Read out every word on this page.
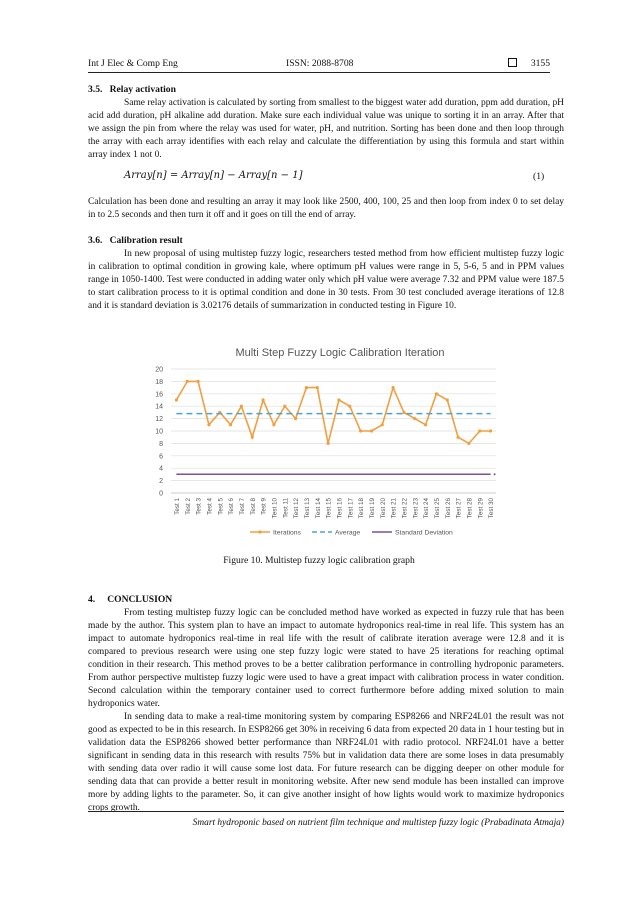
Int J Elec & Comp Eng	ISSN: 2088-8708	3155
3.5.   Relay activation

Same relay activation is calculated by sorting from smallest to the biggest water add duration, ppm add duration, pH acid add duration, pH alkaline add duration. Make sure each individual value was unique to sorting it in an array. After that we assign the pin from where the relay was used for water, pH, and nutrition. Sorting has been done and then loop through the array with each array identifies with each relay and calculate the differentiation by using this formula and start within array index 1 not 0.

Array[n] = Array[n] − Array[n − 1]	(1)

Calculation has been done and resulting an array it may look like 2500, 400, 100, 25 and then loop from index 0 to set delay in to 2.5 seconds and then turn it off and it goes on till the end of array.

3.6.   Calibration result

In new proposal of using multistep fuzzy logic, researchers tested method from how efficient multistep fuzzy logic in calibration to optimal condition in growing kale, where optimum pH values were range in 5, 5-6, 5 and in PPM values range in 1050-1400. Test were conducted in adding water only which pH value were average 7.32 and PPM value were 187.5 to start calibration process to it is optimal condition and done in 30 tests. From 30 test concluded average iterations of 12.8 and it is standard deviation is 3.02176 details of summarization in conducted testing in Figure 10.

Multi Step Fuzzy Logic Calibration Iteration
0
2
4
6
8
10
12
14
16
18
20
Test 1 Test 2 Test 3 Test 4 Test 5 Test 6 Test 7 Test 8 Test 9 Test 10 Test 11 Test 12 Test 13 Test 14 Test 15 Test 16 Test 17 Test 18 Test 19 Test 20 Test 21 Test 22 Test 23 Test 24 Test 25 Test 26 Test 27 Test 28 Test 29 Test 30
Iterations	Average	Standard Deviation
Figure 10. Multistep fuzzy logic calibration graph
4.     CONCLUSION

From testing multistep fuzzy logic can be concluded method have worked as expected in fuzzy rule that has been made by the author. This system plan to have an impact to automate hydroponics real-time in real life. This system has an impact to automate hydroponics real-time in real life with the result of calibrate iteration average were 12.8 and it is compared to previous research were using one step fuzzy logic were stated to have 25 iterations for reaching optimal condition in their research. This method proves to be a better calibration performance in controlling hydroponic parameters. From author perspective multistep fuzzy logic were used to have a great impact with calibration process in water condition. Second calculation within the temporary container used to correct furthermore before adding mixed solution to main hydroponics water.

In sending data to make a real-time monitoring system by comparing ESP8266 and NRF24L01 the result was not good as expected to be in this research. In ESP8266 get 30% in receiving 6 data from expected 20 data in 1 hour testing but in validation data the ESP8266 showed better performance than NRF24L01 with radio protocol. NRF24L01 have a better significant in sending data in this research with results 75% but in validation data there are some loses in data presumably with sending data over radio it will cause some lost data. For future research can be digging deeper on other module for sending data that can provide a better result in monitoring website. After new send module has been installed can improve more by adding lights to the parameter. So, it can give another insight of how lights would work to maximize hydroponics crops growth.

Smart hydroponic based on nutrient film technique and multistep fuzzy logic (Prabadinata Atmaja)
